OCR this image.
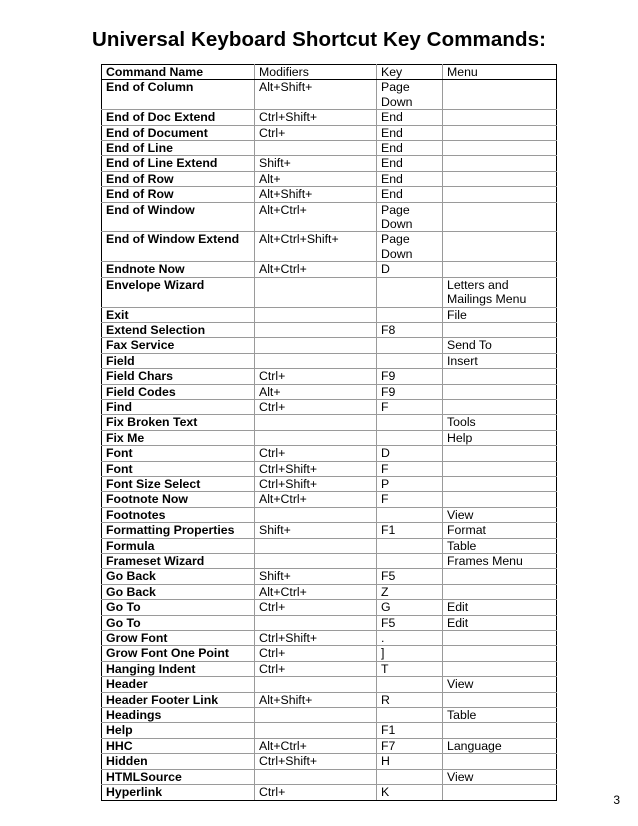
Universal Keyboard Shortcut Key Commands:
Command Name	Modifiers	Key	Menu
End of Column	Alt+Shift+	Page Down	
End of Doc Extend	Ctrl+Shift+	End	
End of Document	Ctrl+	End	
End of Line		End	
End of Line Extend	Shift+	End	
End of Row	Alt+	End	
End of Row	Alt+Shift+	End	
End of Window	Alt+Ctrl+	Page Down	
End of Window Extend	Alt+Ctrl+Shift+	Page Down	
Endnote Now	Alt+Ctrl+	D	
Envelope Wizard			Letters and Mailings Menu
Exit			File
Extend Selection		F8	
Fax Service			Send To
Field			Insert
Field Chars	Ctrl+	F9	
Field Codes	Alt+	F9	
Find	Ctrl+	F	
Fix Broken Text			Tools
Fix Me			Help
Font	Ctrl+	D	
Font	Ctrl+Shift+	F	
Font Size Select	Ctrl+Shift+	P	
Footnote Now	Alt+Ctrl+	F	
Footnotes			View
Formatting Properties	Shift+	F1	Format
Formula			Table
Frameset Wizard			Frames Menu
Go Back	Shift+	F5	
Go Back	Alt+Ctrl+	Z	
Go To	Ctrl+	G	Edit
Go To		F5	Edit
Grow Font	Ctrl+Shift+	.	
Grow Font One Point	Ctrl+	]	
Hanging Indent	Ctrl+	T	
Header			View
Header Footer Link	Alt+Shift+	R	
Headings			Table
Help		F1	
HHC	Alt+Ctrl+	F7	Language
Hidden	Ctrl+Shift+	H	
HTMLSource			View
Hyperlink	Ctrl+	K	
3
